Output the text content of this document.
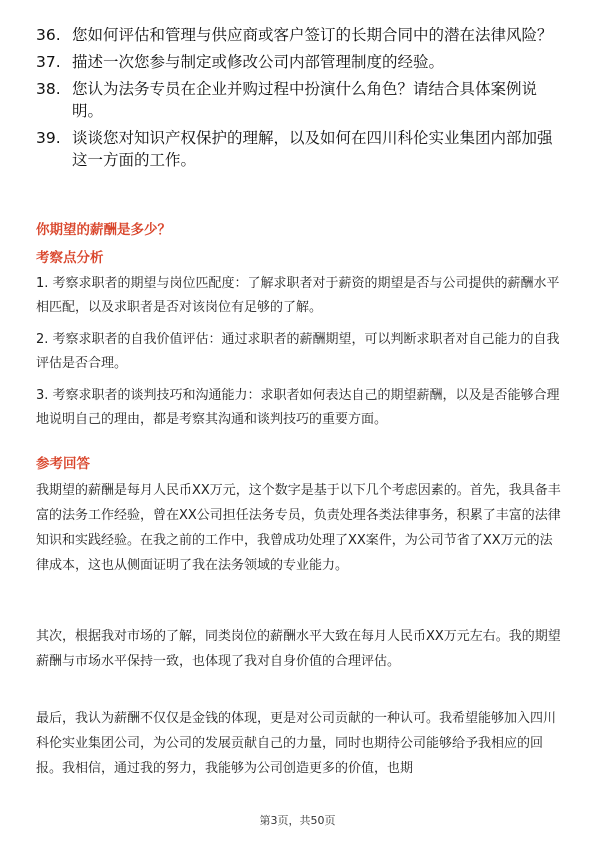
36. 您如何评估和管理与供应商或客户签订的长期合同中的潜在法律风险？
37. 描述一次您参与制定或修改公司内部管理制度的经验。
38. 您认为法务专员在企业并购过程中扮演什么角色？请结合具体案例说明。
39. 谈谈您对知识产权保护的理解，以及如何在四川科伦实业集团内部加强这一方面的工作。
你期望的薪酬是多少？
考察点分析
1. 考察求职者的期望与岗位匹配度：了解求职者对于薪资的期望是否与公司提供的薪酬水平相匹配，以及求职者是否对该岗位有足够的了解。
2. 考察求职者的自我价值评估：通过求职者的薪酬期望，可以判断求职者对自己能力的自我评估是否合理。
3. 考察求职者的谈判技巧和沟通能力：求职者如何表达自己的期望薪酬，以及是否能够合理地说明自己的理由，都是考察其沟通和谈判技巧的重要方面。
参考回答
我期望的薪酬是每月人民币XX万元，这个数字是基于以下几个考虑因素的。首先，我具备丰富的法务工作经验，曾在XX公司担任法务专员，负责处理各类法律事务，积累了丰富的法律知识和实践经验。在我之前的工作中，我曾成功处理了XX案件，为公司节省了XX万元的法律成本，这也从侧面证明了我在法务领域的专业能力。
其次，根据我对市场的了解，同类岗位的薪酬水平大致在每月人民币XX万元左右。我的期望薪酬与市场水平保持一致，也体现了我对自身价值的合理评估。
最后，我认为薪酬不仅仅是金钱的体现，更是对公司贡献的一种认可。我希望能够加入四川科伦实业集团公司，为公司的发展贡献自己的力量，同时也期待公司能够给予我相应的回报。我相信，通过我的努力，我能够为公司创造更多的价值，也期
第3页，共50页
